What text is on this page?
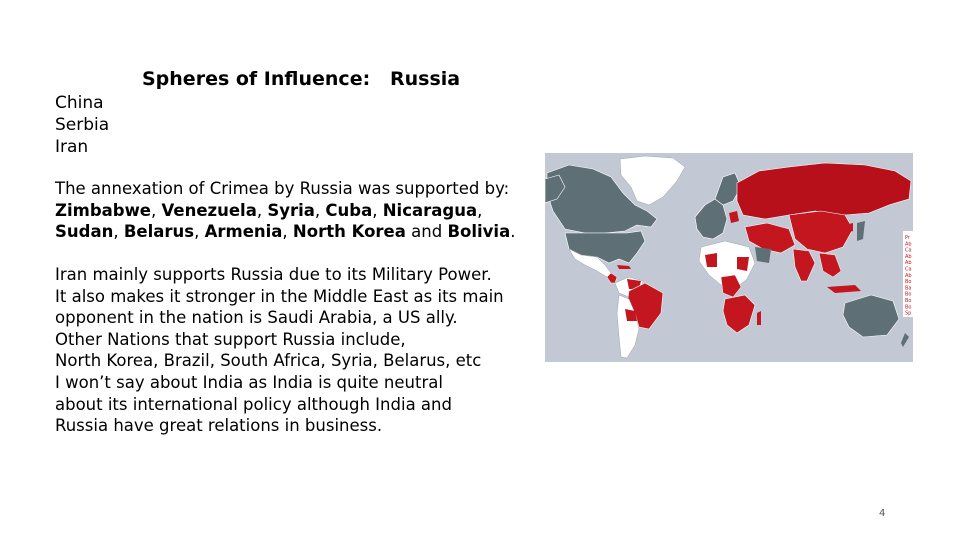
Spheres of Influence:   Russia
China
Serbia
Iran
The annexation of Crimea by Russia was supported by: Zimbabwe, Venezuela, Syria, Cuba, Nicaragua, Sudan, Belarus, Armenia, North Korea and Bolivia.
Iran mainly supports Russia due to its Military Power.
It also makes it stronger in the Middle East as its main
opponent in the nation is Saudi Arabia, a US ally.
Other Nations that support Russia include,
North Korea, Brazil, South Africa, Syria, Belarus, etc
I won’t say about India as India is quite neutral
about its international policy although India and
Russia have great relations in business.
Pr
Ab
Ca
Ab
Ab
Ca
Ab
Bo
Ba
Bo
Bo
Bo
Sp
4
